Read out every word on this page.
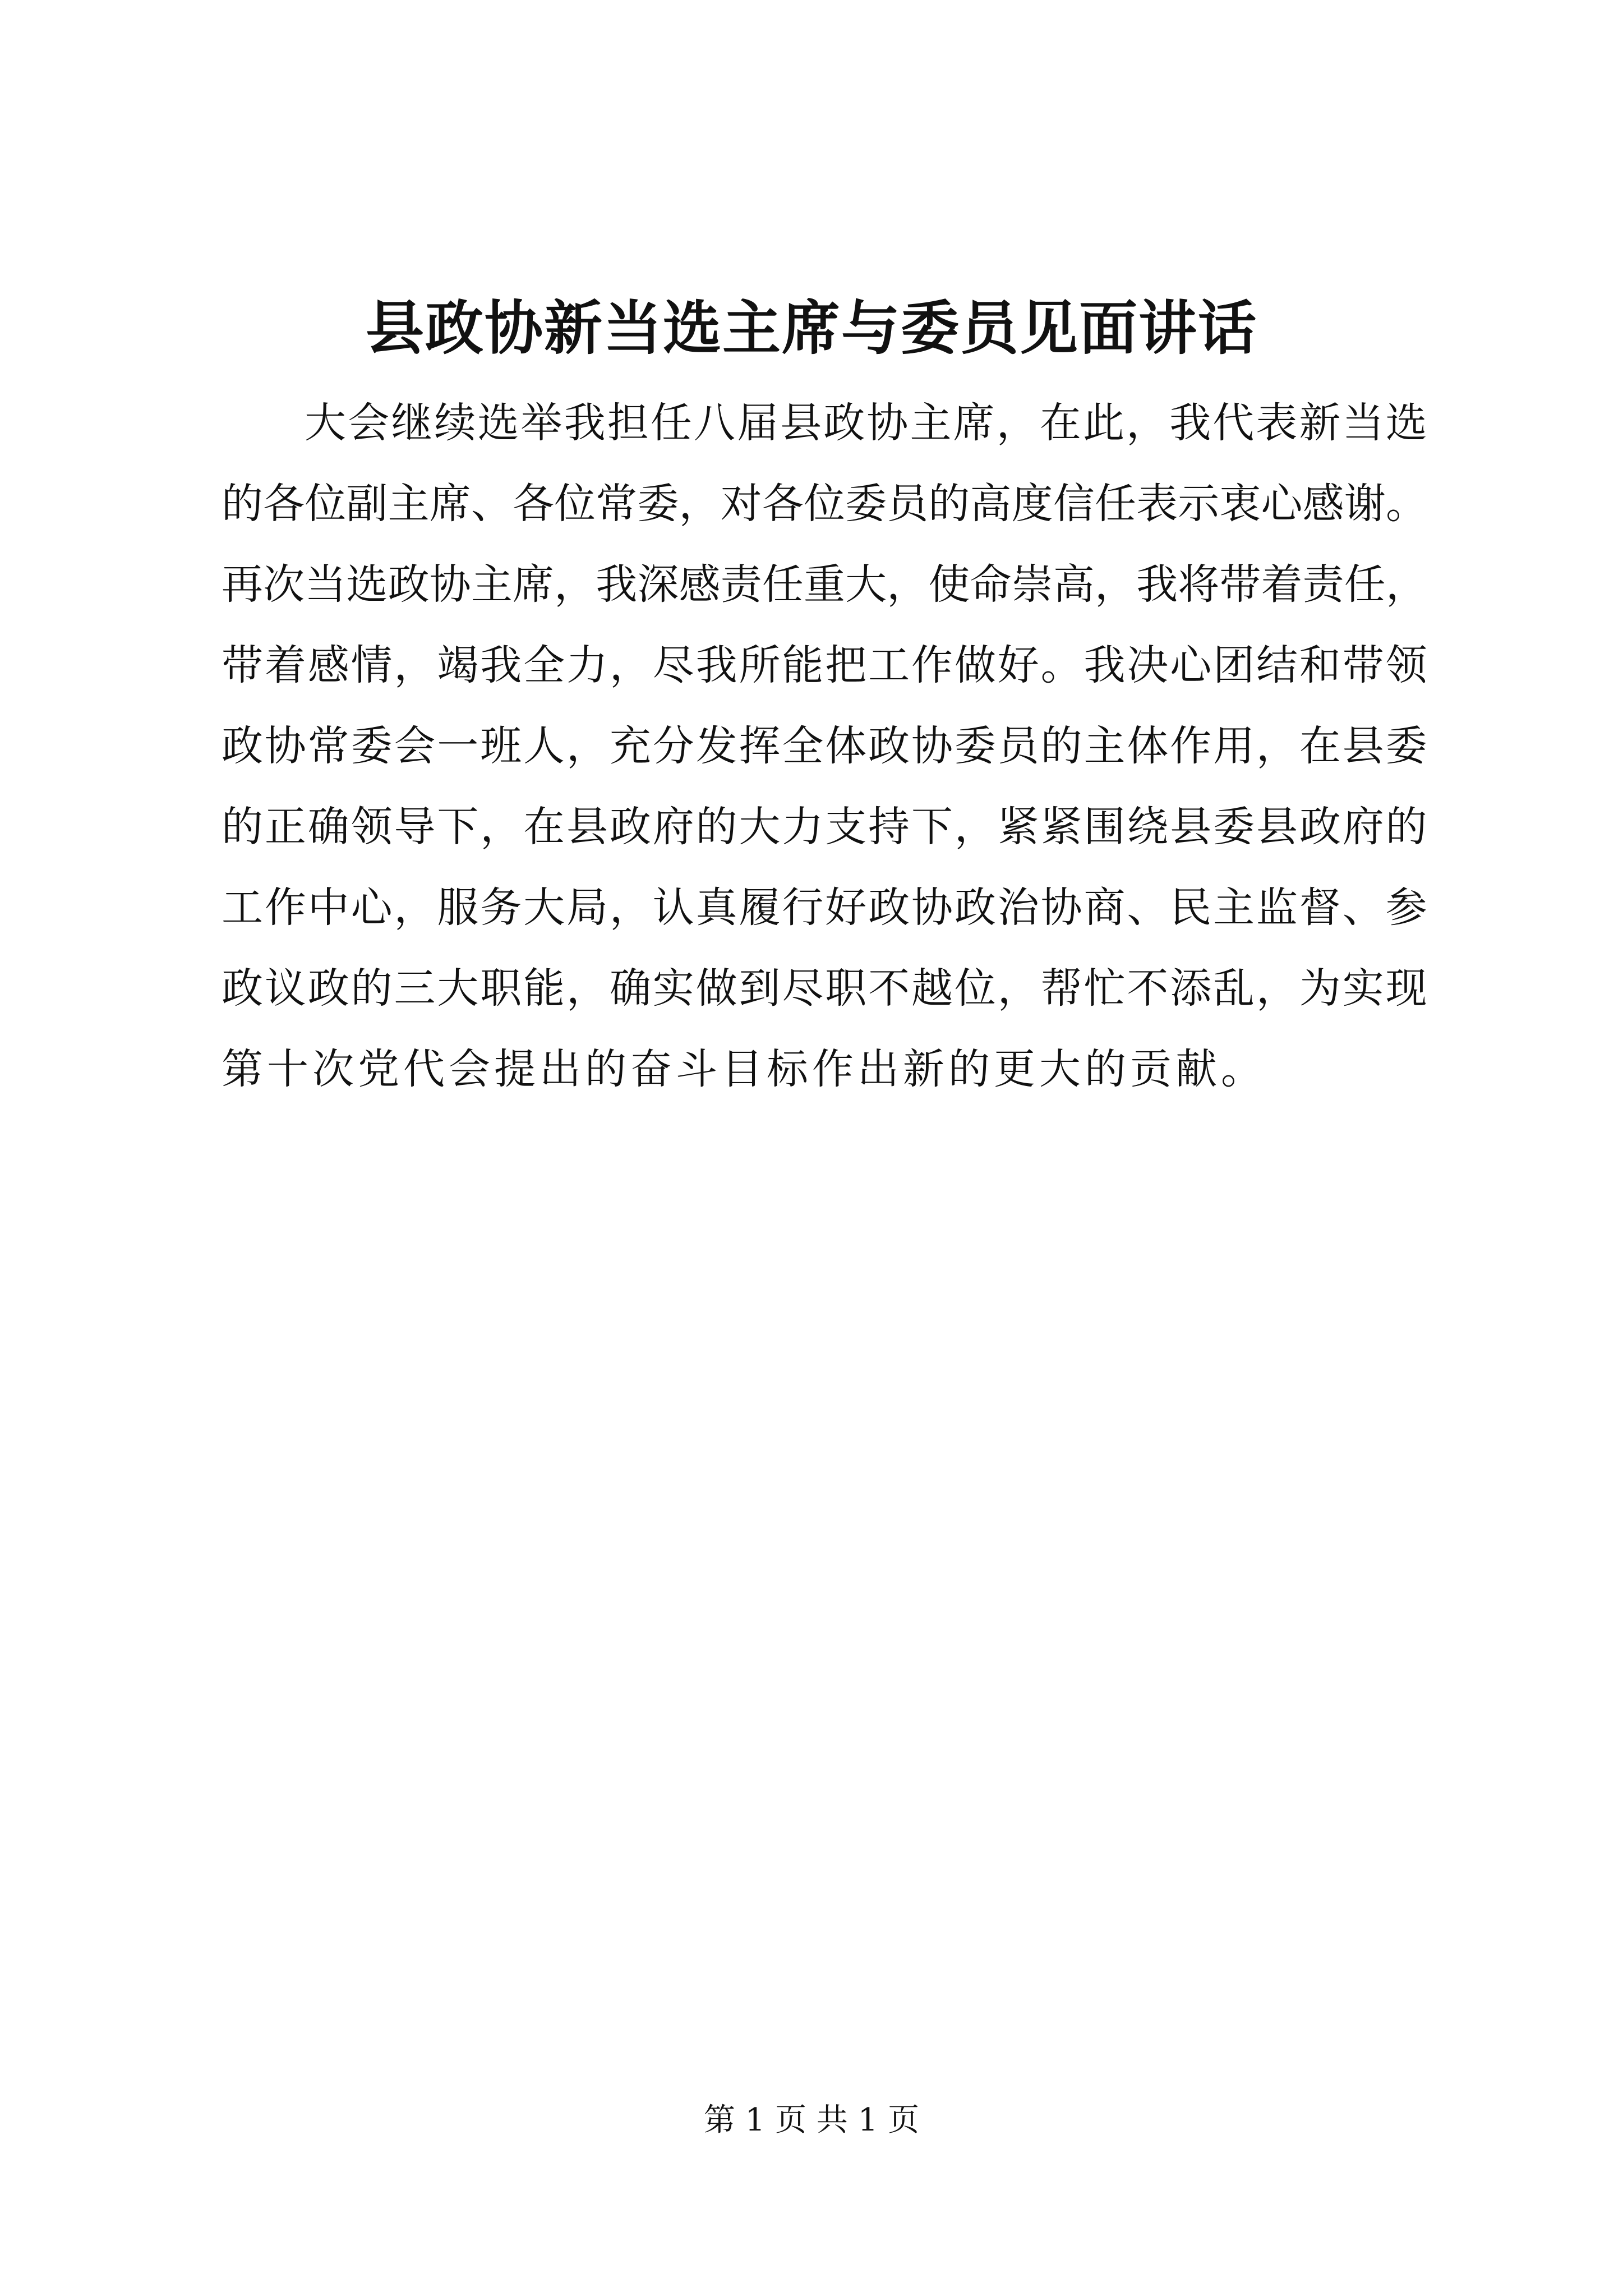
县政协新当选主席与委员见面讲话
大 会 继 续 选 举 我 担 任 八 届 县 政 协 主 席 ， 在 此 ， 我 代 表 新 当 选
的 各 位 副 主 席 、 各 位 常 委 ， 对 各 位 委 员 的 高 度 信 任 表 示 衷 心 感 谢 。
再 次 当 选 政 协 主 席 ， 我 深 感 责 任 重 大 ， 使 命 崇 高 ， 我 将 带 着 责 任 ，
带 着 感 情 ， 竭 我 全 力 ， 尽 我 所 能 把 工 作 做 好 。 我 决 心 团 结 和 带 领
政 协 常 委 会 一 班 人 ， 充 分 发 挥 全 体 政 协 委 员 的 主 体 作 用 ， 在 县 委
的 正 确 领 导 下 ， 在 县 政 府 的 大 力 支 持 下 ， 紧 紧 围 绕 县 委 县 政 府 的
工 作 中 心 ， 服 务 大 局 ， 认 真 履 行 好 政 协 政 治 协 商 、 民 主 监 督 、 参
政 议 政 的 三 大 职 能 ， 确 实 做 到 尽 职 不 越 位 ， 帮 忙 不 添 乱 ， 为 实 现
第 十 次 党 代 会 提 出 的 奋 斗 目 标 作 出 新 的 更 大 的 贡 献 。
第 1 页 共 1 页
